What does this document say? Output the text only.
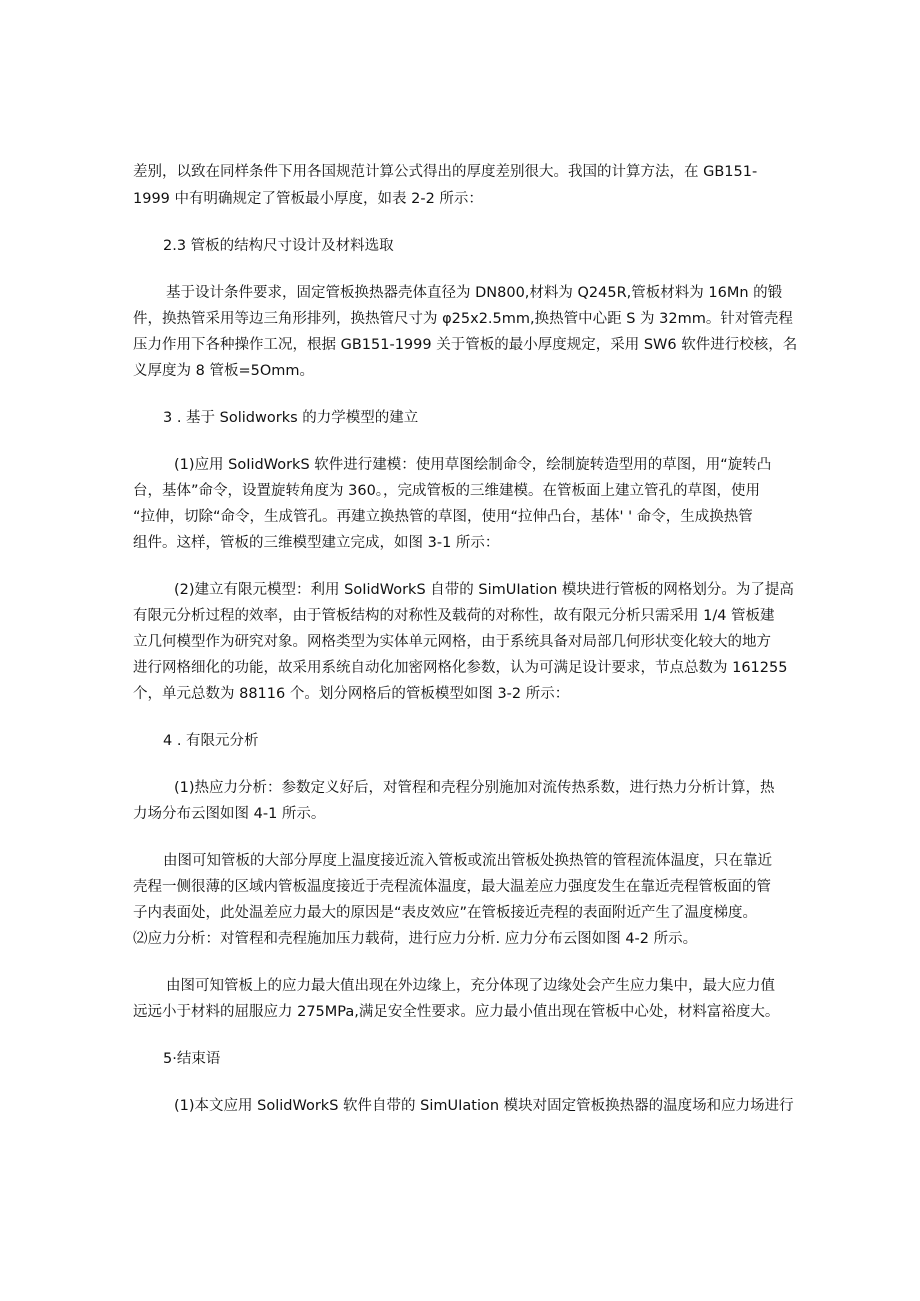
差别，以致在同样条件下用各国规范计算公式得出的厚度差别很大。我国的计算方法，在 GB151-
1999 中有明确规定了管板最小厚度，如表 2-2 所示：
2.3 管板的结构尺寸设计及材料选取
基于设计条件要求，固定管板换热器壳体直径为 DN800,材料为 Q245R,管板材料为 16Mn 的锻
件，换热管采用等边三角形排列，换热管尺寸为 φ25x2.5mm,换热管中心距 S 为 32mm。针对管壳程
压力作用下各种操作工况，根据 GB151-1999 关于管板的最小厚度规定，采用 SW6 软件进行校核，名
义厚度为 8 管板=5Omm。
3 . 基于 Solidworks 的力学模型的建立
(1)应用 SoIidWorkS 软件进行建模：使用草图绘制命令，绘制旋转造型用的草图，用“旋转凸
台，基体”命令，设置旋转角度为 360。，完成管板的三维建模。在管板面上建立管孔的草图，使用
“拉伸，切除“命令，生成管孔。再建立换热管的草图，使用“拉伸凸台，基体' ' 命令，生成换热管
组件。这样，管板的三维模型建立完成，如图 3-1 所示：
(2)建立有限元模型：利用 SoIidWorkS 自带的 SimUIation 模块进行管板的网格划分。为了提高
有限元分析过程的效率，由于管板结构的对称性及载荷的对称性，故有限元分析只需采用 1/4 管板建
立几何模型作为研究对象。网格类型为实体单元网格，由于系统具备对局部几何形状变化较大的地方
进行网格细化的功能，故采用系统自动化加密网格化参数，认为可满足设计要求，节点总数为 161255
个，单元总数为 88116 个。划分网格后的管板模型如图 3-2 所示：
4 . 有限元分析
(1)热应力分析：参数定义好后，对管程和壳程分别施加对流传热系数，进行热力分析计算，热
力场分布云图如图 4-1 所示。
由图可知管板的大部分厚度上温度接近流入管板或流出管板处换热管的管程流体温度，只在靠近
壳程一侧很薄的区域内管板温度接近于壳程流体温度，最大温差应力强度发生在靠近壳程管板面的管
子内表面处，此处温差应力最大的原因是“表皮效应”在管板接近壳程的表面附近产生了温度梯度。
⑵应力分析：对管程和壳程施加压力载荷，进行应力分析. 应力分布云图如图 4-2 所示。
由图可知管板上的应力最大值出现在外边缘上，充分体现了边缘处会产生应力集中，最大应力值
远远小于材料的屈服应力 275MPa,满足安全性要求。应力最小值出现在管板中心处，材料富裕度大。
5·结束语
(1)本文应用 SolidWorkS 软件自带的 SimUIation 模块对固定管板换热器的温度场和应力场进行
